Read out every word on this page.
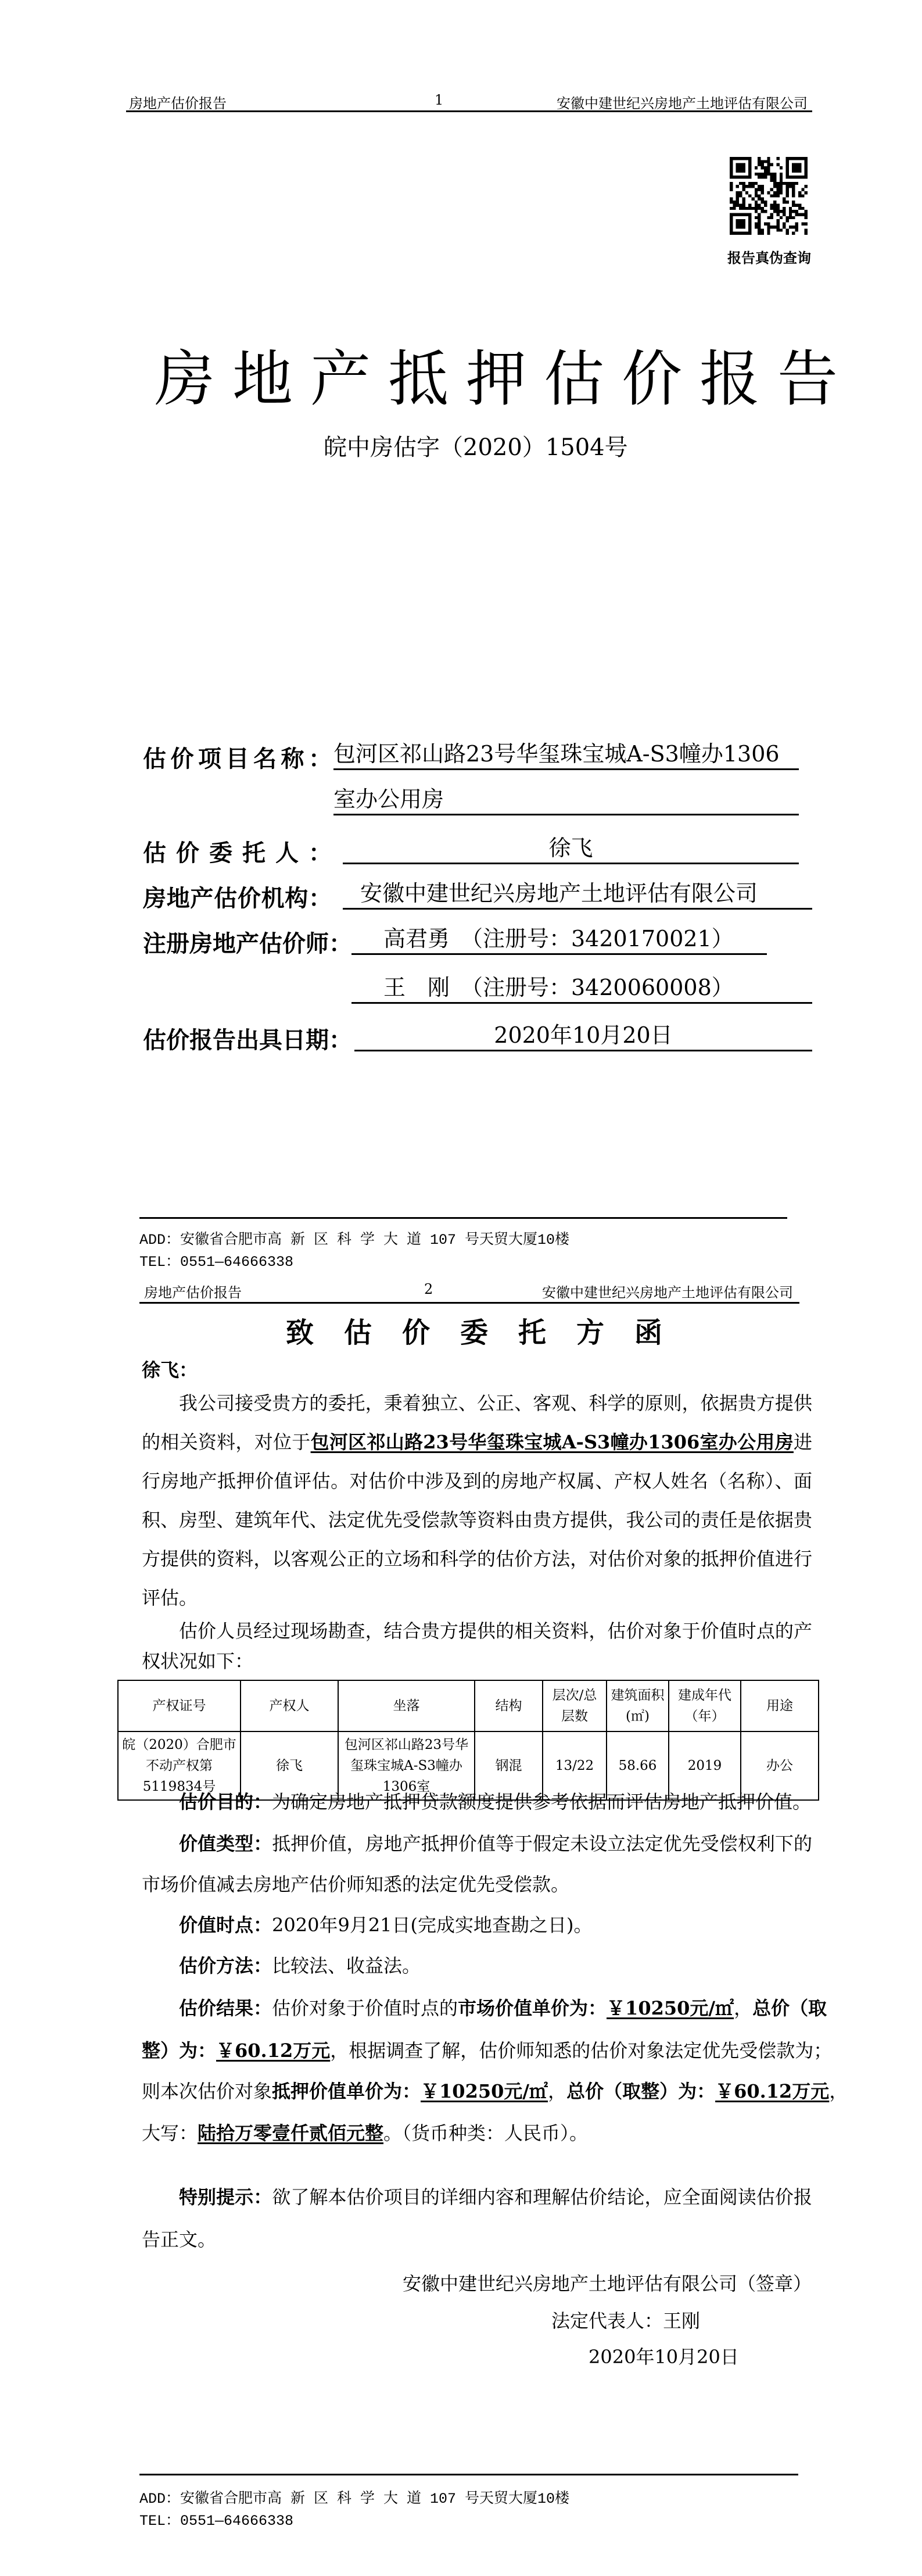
房地产估价报告	1	安徽中建世纪兴房地产土地评估有限公司
报告真伪查询
房地产抵押估价报告
皖中房估字（2020）1504号
估价项目名称： 包河区祁山路23号华玺珠宝城A-S3幢办1306
室办公用房
估价委托人：	徐飞
房地产估价机构：	安徽中建世纪兴房地产土地评估有限公司
注册房地产估价师：	高君勇　（注册号：3420170021）
王　刚　（注册号：3420060008）
估价报告出具日期：	2020年10月20日
ADD：安徽省合肥市高 新 区 科 学 大 道 107 号天贸大厦10楼
TEL：0551—64666338
房地产估价报告	2	安徽中建世纪兴房地产土地评估有限公司
致估价委托方函
徐飞：
我公司接受贵方的委托，秉着独立、公正、客观、科学的原则，依据贵方提供
的相关资料，对位于包河区祁山路23号华玺珠宝城A-S3幢办1306室办公用房进
行房地产抵押价值评估。对估价中涉及到的房地产权属、产权人姓名（名称）、面
积、房型、建筑年代、法定优先受偿款等资料由贵方提供，我公司的责任是依据贵
方提供的资料，以客观公正的立场和科学的估价方法，对估价对象的抵押价值进行
评估。
估价人员经过现场勘查，结合贵方提供的相关资料，估价对象于价值时点的产
权状况如下：
产权证号	产权人	坐落	结构	层次/总层数	建筑面积(㎡)	建成年代（年）	用途
皖（2020）合肥市不动产权第5119834号	徐飞	包河区祁山路23号华玺珠宝城A-S3幢办1306室	钢混	13/22	58.66	2019	办公
估价目的：为确定房地产抵押贷款额度提供参考依据而评估房地产抵押价值。
价值类型：抵押价值，房地产抵押价值等于假定未设立法定优先受偿权利下的
市场价值减去房地产估价师知悉的法定优先受偿款。
价值时点：2020年9月21日(完成实地查勘之日)。
估价方法：比较法、收益法。
估价结果：估价对象于价值时点的市场价值单价为：￥10250元/㎡，总价（取
整）为：￥60.12万元，根据调查了解，估价师知悉的估价对象法定优先受偿款为；
则本次估价对象抵押价值单价为：￥10250元/㎡，总价（取整）为：￥60.12万元，
大写：陆拾万零壹仟贰佰元整。（货币种类：人民币）。
特别提示：欲了解本估价项目的详细内容和理解估价结论，应全面阅读估价报
告正文。
安徽中建世纪兴房地产土地评估有限公司（签章）
法定代表人：王刚
2020年10月20日
ADD：安徽省合肥市高 新 区 科 学 大 道 107 号天贸大厦10楼
TEL：0551—64666338
